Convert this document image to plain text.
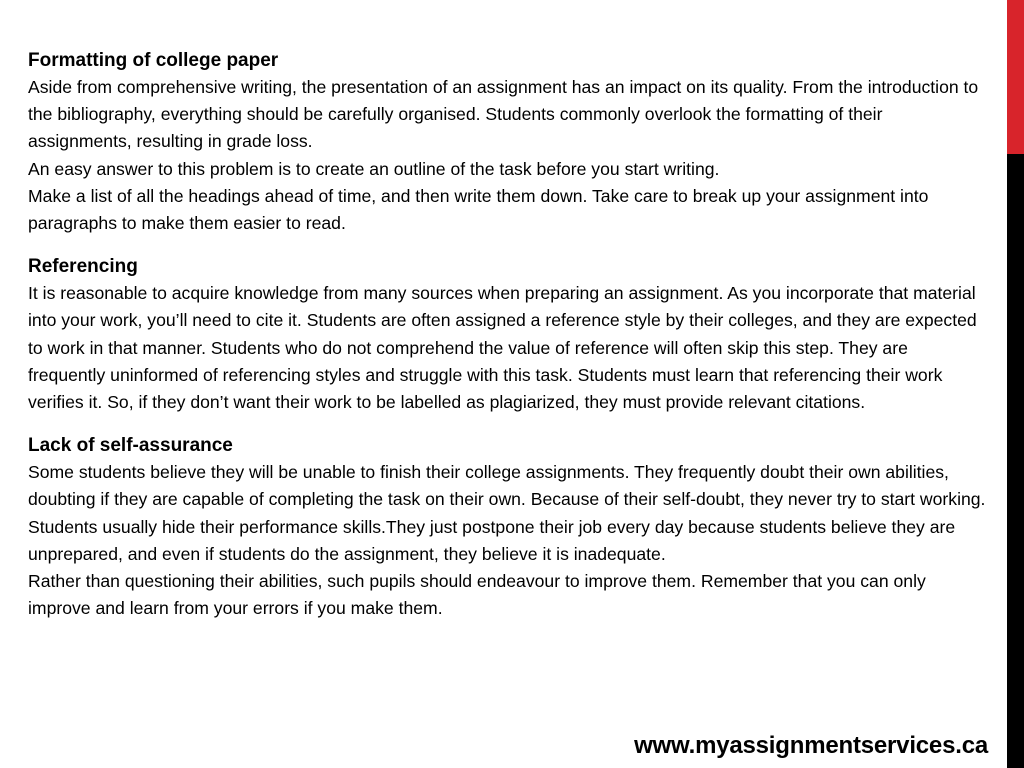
Formatting of college paper

Aside from comprehensive writing, the presentation of an assignment has an impact on its quality. From the introduction to the bibliography, everything should be carefully organised. Students commonly overlook the formatting of their assignments, resulting in grade loss.

An easy answer to this problem is to create an outline of the task before you start writing.

Make a list of all the headings ahead of time, and then write them down. Take care to break up your assignment into paragraphs to make them easier to read.

Referencing

It is reasonable to acquire knowledge from many sources when preparing an assignment. As you incorporate that material into your work, you’ll need to cite it. Students are often assigned a reference style by their colleges, and they are expected to work in that manner. Students who do not comprehend the value of reference will often skip this step. They are frequently uninformed of referencing styles and struggle with this task. Students must learn that referencing their work verifies it. So, if they don’t want their work to be labelled as plagiarized, they must provide relevant citations.

Lack of self-assurance

Some students believe they will be unable to finish their college assignments. They frequently doubt their own abilities, doubting if they are capable of completing the task on their own. Because of their self-doubt, they never try to start working. Students usually hide their performance skills.They just postpone their job every day because students believe they are unprepared, and even if students do the assignment, they believe it is inadequate.

Rather than questioning their abilities, such pupils should endeavour to improve them. Remember that you can only improve and learn from your errors if you make them.

www.myassignmentservices.ca
